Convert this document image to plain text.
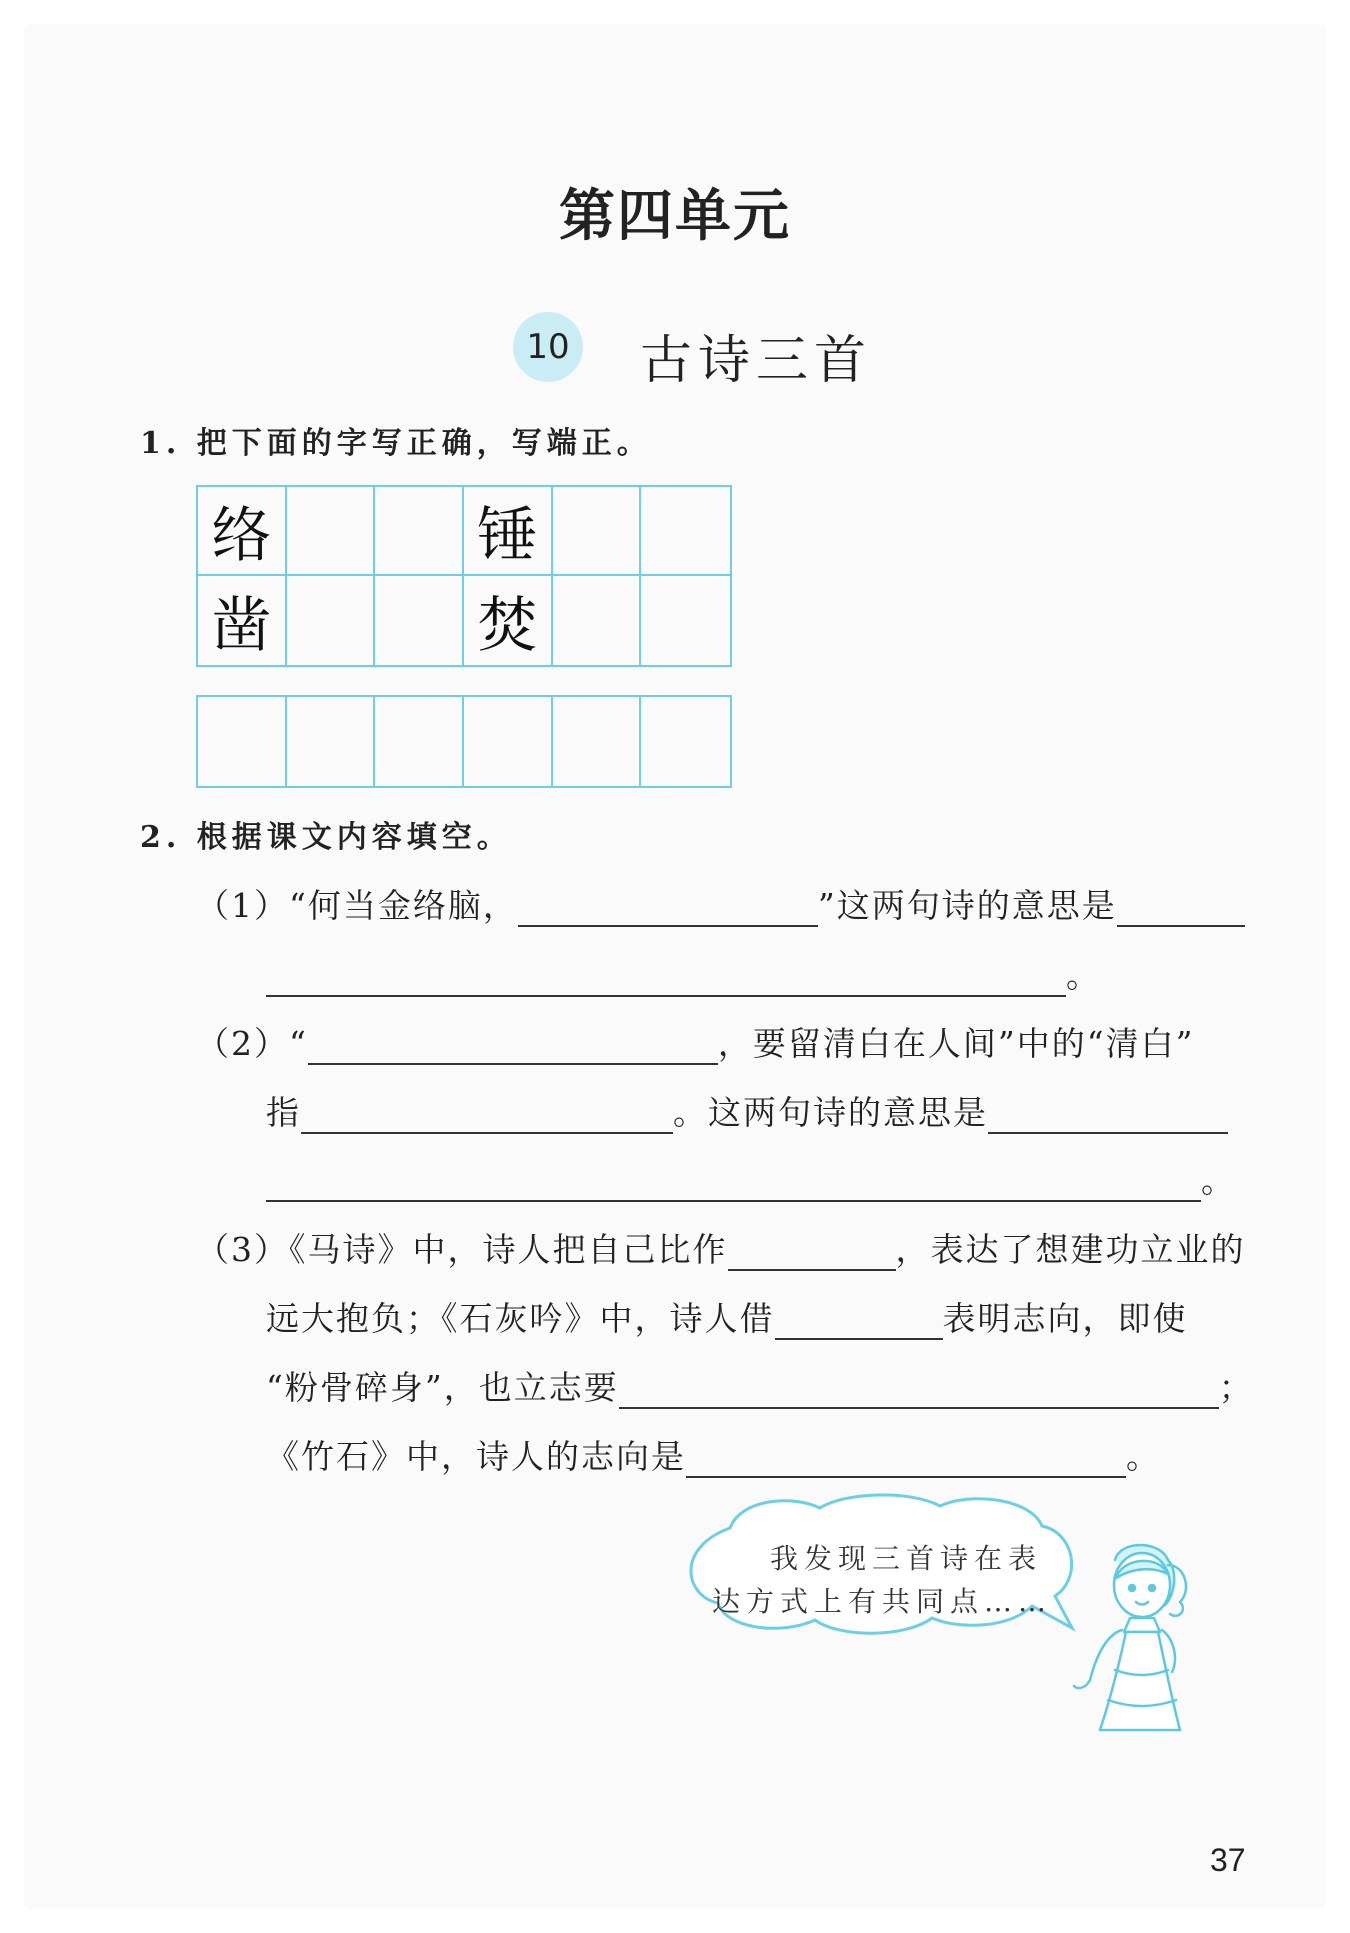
第四单元
10 古诗三首
1. 把下面的字写正确，写端正。
络	锤
凿	焚
2. 根据课文内容填空。
（1）“何当金络脑，	”这两句诗的意思是
。
（2）“	，要留清白在人间”中的“清白”
指	。这两句诗的意思是
。
（3）《马诗》中，诗人把自己比作	，表达了想建功立业的
远大抱负；《石灰吟》中，诗人借	表明志向，即使
“粉骨碎身”，也立志要	；
《竹石》中，诗人的志向是	。
我发现三首诗在表
达方式上有共同点……
37
